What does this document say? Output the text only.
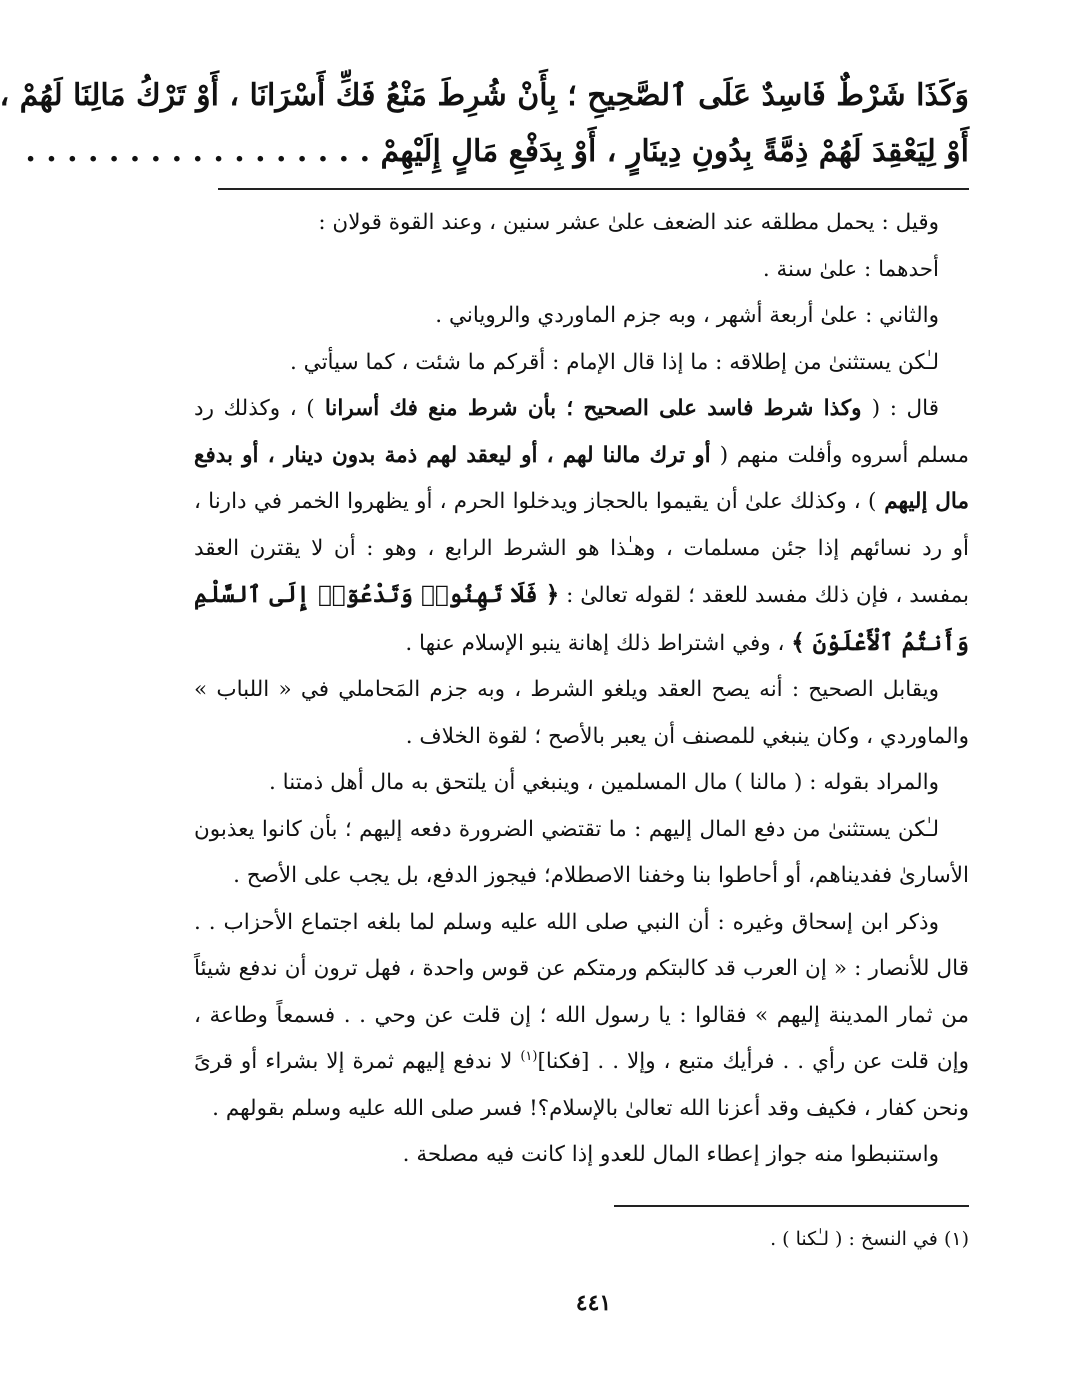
وَكَذَا شَرْطٌ فَاسِدٌ عَلَى ٱلصَّحِيحِ ؛ بِأَنْ شُرِطَ مَنْعُ فَكِّ أَسْرَانَا ، أَوْ تَرْكُ مَالِنَا لَهُمْ ،
أَوْ لِيَعْقِدَ لَهُمْ ذِمَّةً بِدُونِ دِينَارٍ ، أَوْ بِدَفْعِ مَالٍ إِلَيْهِمْ . . . . . . . . . . . . . . . . .

وقيل : يحمل مطلقه عند الضعف علىٰ عشر سنين ، وعند القوة قولان :

أحدهما : علىٰ سنة .

والثاني : علىٰ أربعة أشهر ، وبه جزم الماوردي والروياني .

لـٰكن يستثنىٰ من إطلاقه : ما إذا قال الإمام : أقركم ما شئت ، كما سيأتي .

قال : ( وكذا شرط فاسد على الصحيح ؛ بأن شرط منع فك أسرانا ) ، وكذلك رد مسلم أسروه وأفلت منهم ( أو ترك مالنا لهم ، أو ليعقد لهم ذمة بدون دينار ، أو بدفع مال إليهم ) ، وكذلك علىٰ أن يقيموا بالحجاز ويدخلوا الحرم ، أو يظهروا الخمر في دارنا ، أو رد نسائهم إذا جئن مسلمات ، وهـٰذا هو الشرط الرابع ، وهو : أن لا يقترن العقد بمفسد ، فإن ذلك مفسد للعقد ؛ لقوله تعالىٰ : ﴿ فَلَا تَهِنُوا۟ وَتَدْعُوٓا۟ إِلَى ٱلسَّلْمِ وَأَنتُمُ ٱلْأَعْلَوْنَ ﴾ ، وفي اشتراط ذلك إهانة ينبو الإسلام عنها .

ويقابل الصحيح : أنه يصح العقد ويلغو الشرط ، وبه جزم المَحاملي في « اللباب » والماوردي ، وكان ينبغي للمصنف أن يعبر بالأصح ؛ لقوة الخلاف .

والمراد بقوله : ( مالنا ) مال المسلمين ، وينبغي أن يلتحق به مال أهل ذمتنا .

لـٰكن يستثنىٰ من دفع المال إليهم : ما تقتضي الضرورة دفعه إليهم ؛ بأن كانوا يعذبون الأسارىٰ ففديناهم، أو أحاطوا بنا وخفنا الاصطلام؛ فيجوز الدفع، بل يجب على الأصح .

وذكر ابن إسحاق وغيره : أن النبي صلى الله عليه وسلم لما بلغه اجتماع الأحزاب . . قال للأنصار : « إن العرب قد كالبتكم ورمتكم عن قوس واحدة ، فهل ترون أن ندفع شيئاً من ثمار المدينة إليهم » فقالوا : يا رسول الله ؛ إن قلت عن وحي . . فسمعاً وطاعة ، وإن قلت عن رأي . . فرأيك متبع ، وإلا . . [فكنا]$^{(١)}$ لا ندفع إليهم ثمرة إلا بشراء أو قرىً ونحن كفار ، فكيف وقد أعزنا الله تعالىٰ بالإسلام؟! فسر صلى الله عليه وسلم بقولهم .

واستنبطوا منه جواز إعطاء المال للعدو إذا كانت فيه مصلحة .

(١) في النسخ : ( لـٰكنا ) .
٤٤١
